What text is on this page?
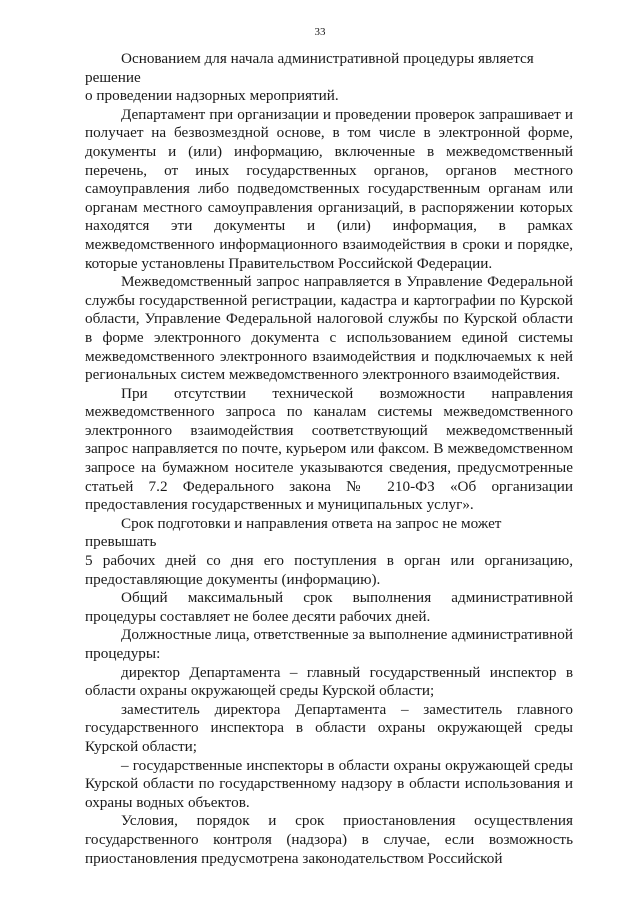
33

Основанием для начала административной процедуры является решение

о проведении надзорных мероприятий.

Департамент при организации и проведении проверок запрашивает и получает на безвозмездной основе, в том числе в электронной форме, документы и (или) информацию, включенные в межведомственный перечень, от иных государственных органов, органов местного самоуправления либо подведомственных государственным органам или органам местного самоуправления организаций, в распоряжении которых находятся эти документы и (или) информация, в рамках межведомственного информационного взаимодействия в сроки и порядке, которые установлены Правительством Российской Федерации.

Межведомственный запрос направляется в Управление Федеральной службы государственной регистрации, кадастра и картографии по Курской области, Управление Федеральной налоговой службы по Курской области в форме электронного документа с использованием единой системы межведомственного электронного взаимодействия и подключаемых к ней региональных систем межведомственного электронного взаимодействия.

При отсутствии технической возможности направления межведомственного запроса по каналам системы межведомственного электронного взаимодействия соответствующий межведомственный запрос направляется по почте, курьером или факсом. В межведомственном запросе на бумажном носителе указываются сведения, предусмотренные статьей 7.2 Федерального закона № 210-ФЗ «Об организации предоставления государственных и муниципальных услуг».

Срок подготовки и направления ответа на запрос не может превышать

5 рабочих дней со дня его поступления в орган или организацию, предоставляющие документы (информацию).

Общий максимальный срок выполнения административной процедуры составляет не более десяти рабочих дней.

Должностные лица, ответственные за выполнение административной процедуры:

директор Департамента – главный государственный инспектор в области охраны окружающей среды Курской области;

заместитель директора Департамента – заместитель главного государственного инспектора в области охраны окружающей среды Курской области;

– государственные инспекторы в области охраны окружающей среды Курской области по государственному надзору в области использования и охраны водных объектов.

Условия, порядок и срок приостановления осуществления государственного контроля (надзора) в случае, если возможность приостановления предусмотрена законодательством Российской
